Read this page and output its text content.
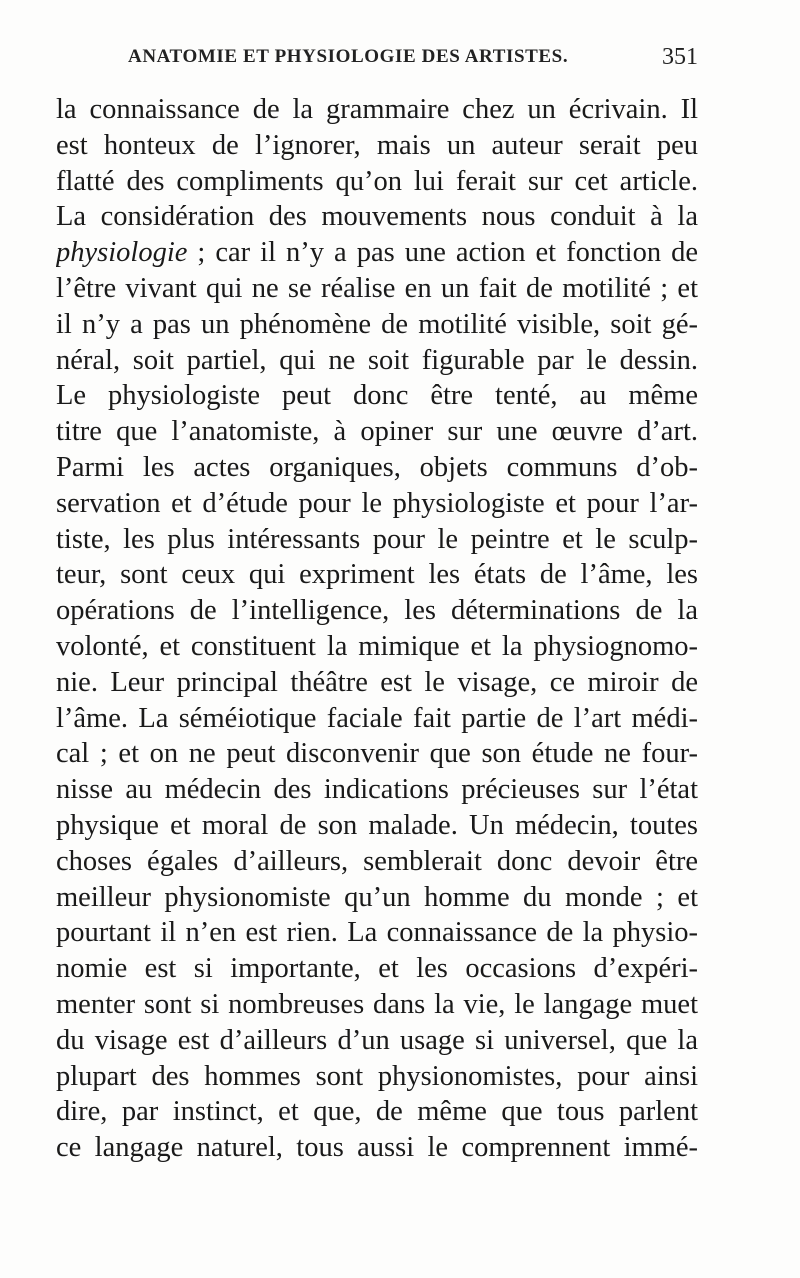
ANATOMIE ET PHYSIOLOGIE DES ARTISTES.	351
la connaissance de la grammaire chez un écrivain. Il
est honteux de l’ignorer, mais un auteur serait peu
flatté des compliments qu’on lui ferait sur cet article.
La considération des mouvements nous conduit à la
physiologie ; car il n’y a pas une action et fonction de
l’être vivant qui ne se réalise en un fait de motilité ; et
il n’y a pas un phénomène de motilité visible, soit gé-
néral, soit partiel, qui ne soit figurable par le dessin.
Le physiologiste peut donc être tenté, au même
titre que l’anatomiste, à opiner sur une œuvre d’art.
Parmi les actes organiques, objets communs d’ob-
servation et d’étude pour le physiologiste et pour l’ar-
tiste, les plus intéressants pour le peintre et le sculp-
teur, sont ceux qui expriment les états de l’âme, les
opérations de l’intelligence, les déterminations de la
volonté, et constituent la mimique et la physiognomo-
nie. Leur principal théâtre est le visage, ce miroir de
l’âme. La séméiotique faciale fait partie de l’art médi-
cal ; et on ne peut disconvenir que son étude ne four-
nisse au médecin des indications précieuses sur l’état
physique et moral de son malade. Un médecin, toutes
choses égales d’ailleurs, semblerait donc devoir être
meilleur physionomiste qu’un homme du monde ; et
pourtant il n’en est rien. La connaissance de la physio-
nomie est si importante, et les occasions d’expéri-
menter sont si nombreuses dans la vie, le langage muet
du visage est d’ailleurs d’un usage si universel, que la
plupart des hommes sont physionomistes, pour ainsi
dire, par instinct, et que, de même que tous parlent
ce langage naturel, tous aussi le comprennent immé-
